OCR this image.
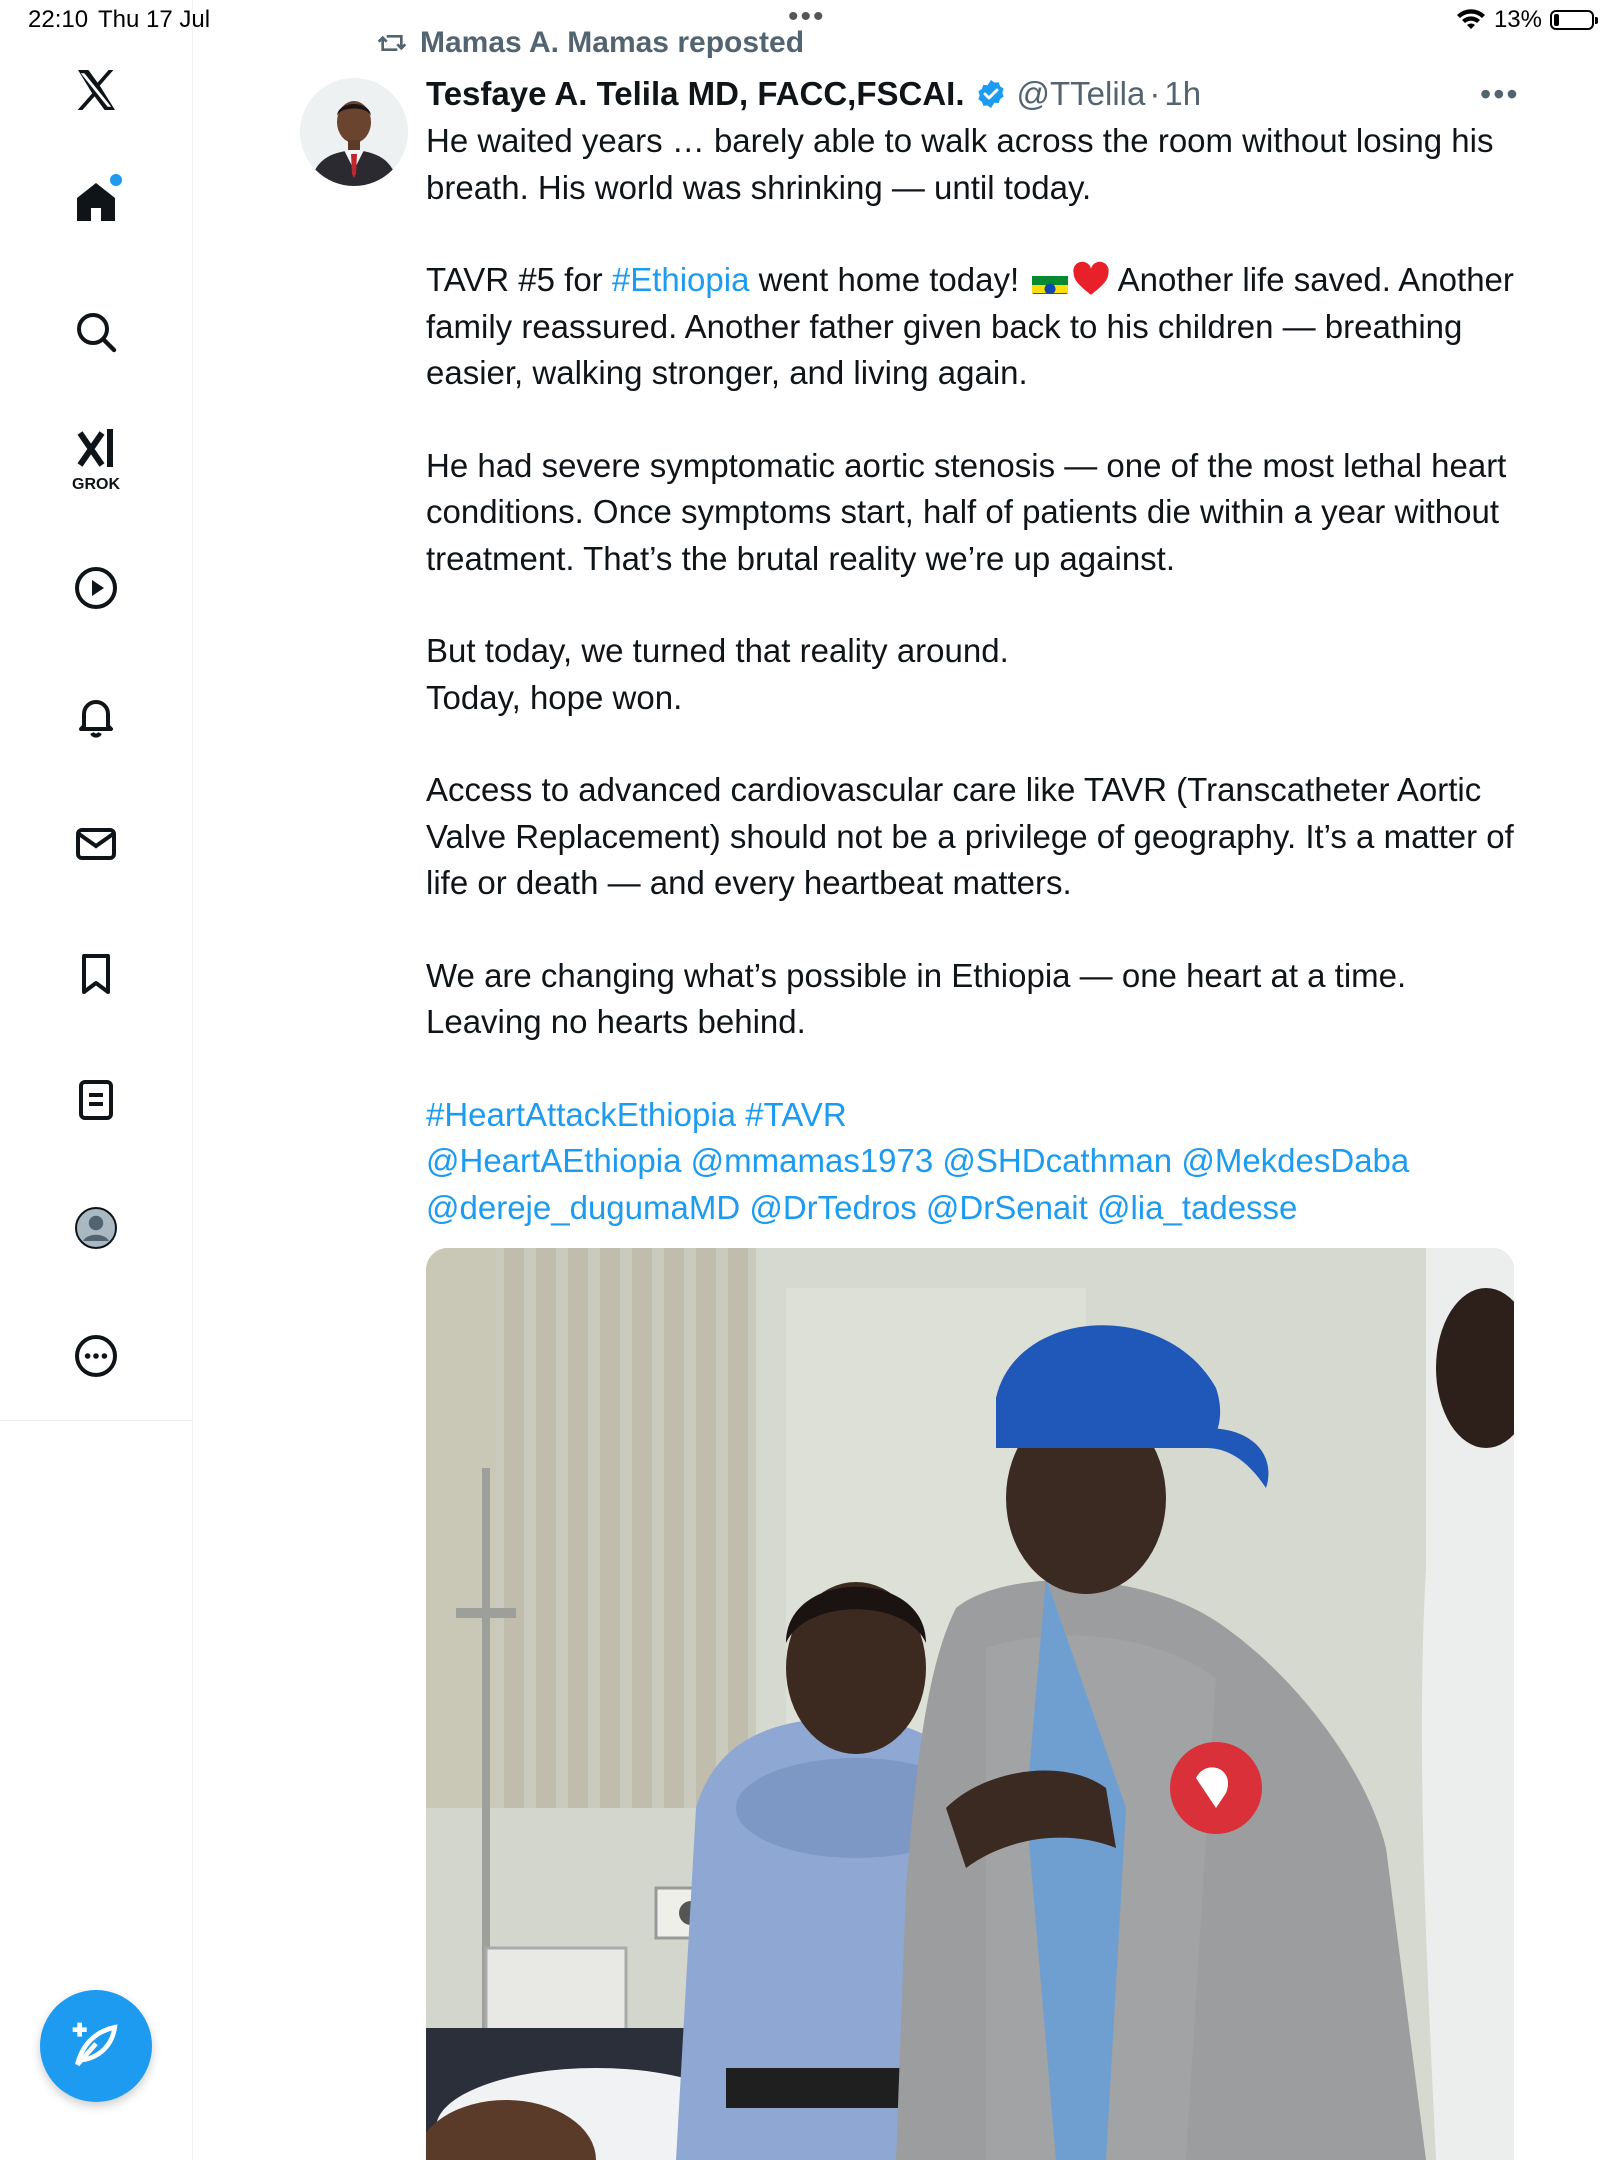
22:10 Thu 17 Jul	•••	13%
GROK
Mamas A. Mamas reposted
Tesfaye A. Telila MD, FACC,FSCAI. @TTelila · 1h	•••

He waited years … barely able to walk across the room without losing his breath. His world was shrinking — until today.

TAVR #5 for #Ethiopia went home today!  Another life saved. Another family reassured. Another father given back to his children — breathing easier, walking stronger, and living again.

He had severe symptomatic aortic stenosis — one of the most lethal heart conditions. Once symptoms start, half of patients die within a year without treatment. That’s the brutal reality we’re up against.

But today, we turned that reality around.
Today, hope won.

Access to advanced cardiovascular care like TAVR (Transcatheter Aortic Valve Replacement) should not be a privilege of geography. It’s a matter of life or death — and every heartbeat matters.

We are changing what’s possible in Ethiopia — one heart at a time.
Leaving no hearts behind.

#HeartAttackEthiopia #TAVR
@HeartAEthiopia @mmamas1973 @SHDcathman @MekdesDaba
@dereje_dugumaMD @DrTedros @DrSenait @lia_tadesse
